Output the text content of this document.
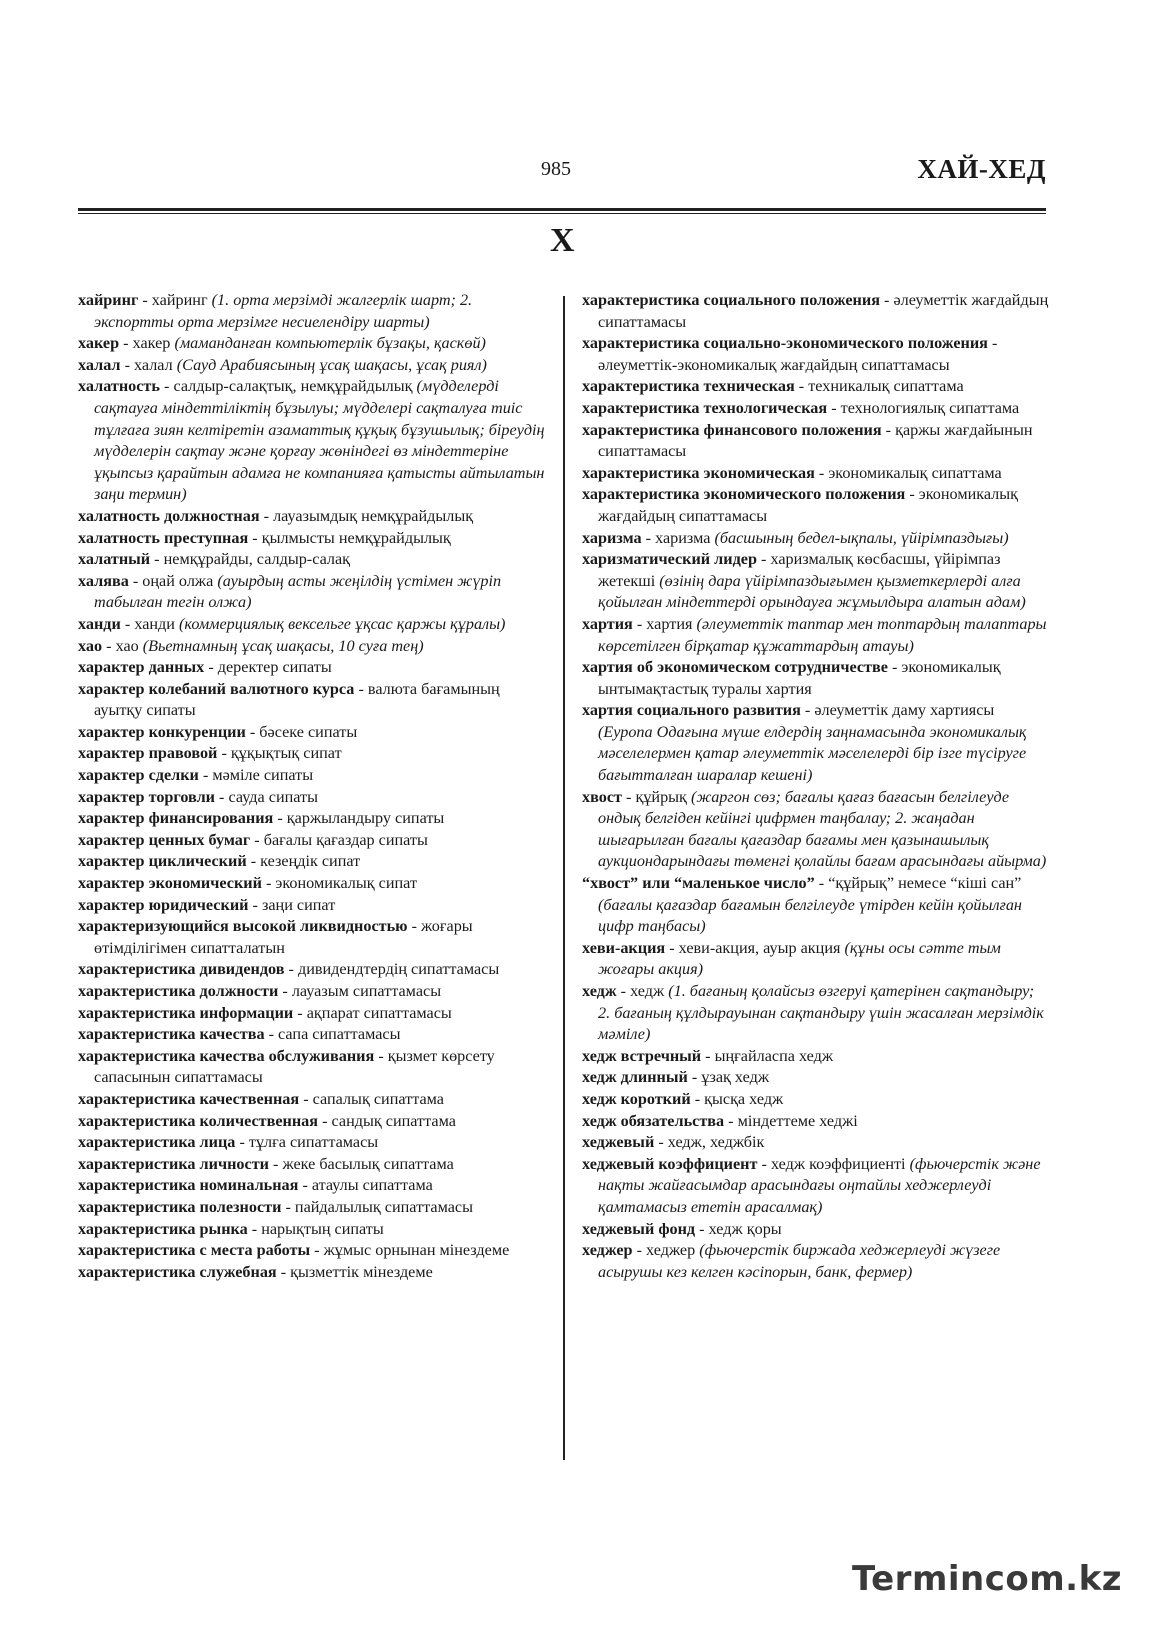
985	ХАЙ-ХЕД
Х
хайринг - хайринг (1. орта мерзімді жалгерлік шарт; 2. экспортты орта мерзімге несиелендіру шарты)
хакер - хакер (маманданған компьютерлік бұзақы, қаскөй)
халал - халал (Сауд Арабиясының ұсақ шақасы, ұсақ риял)
халатность - салдыр-салақтық, немқұрайдылық (мүдделерді сақтауға міндеттіліктің бұзылуы; мүдделері сақталуға тиіс тұлғаға зиян келтіретін азаматтық құқық бұзушылық; біреудің мүдделерін сақтау және қорғау жөніндегі өз міндеттеріне ұқыпсыз қарайтын адамға не компанияға қатысты айтылатын заңи термин)
халатность должностная - лауазымдық немқұрайдылық
халатность преступная - қылмысты немқұрайдылық
халатный - немқұрайды, салдыр-салақ
халява - оңай олжа (ауырдың асты жеңілдің үстімен жүріп табылған тегін олжа)
ханди - ханди (коммерциялық вексельге ұқсас қаржы құралы)
хао - хао (Вьетнамның ұсақ шақасы, 10 суға тең)
характер данных - деректер сипаты
характер колебаний валютного курса - валюта бағамының ауытқу сипаты
характер конкуренции - бәсеке сипаты
характер правовой - құқықтық сипат
характер сделки - мәміле сипаты
характер торговли - сауда сипаты
характер финансирования - қаржыландыру сипаты
характер ценных бумаг - бағалы қағаздар сипаты
характер циклический - кезеңдік сипат
характер экономический - экономикалық сипат
характер юридический - заңи сипат
характеризующийся высокой ликвидностью - жоғары өтімділігімен сипатталатын
характеристика дивидендов - дивидендтердің сипаттамасы
характеристика должности - лауазым сипаттамасы
характеристика информации - ақпарат сипаттамасы
характеристика качества - сапа сипаттамасы
характеристика качества обслуживания - қызмет көрсету сапасынын сипаттамасы
характеристика качественная - сапалық сипаттама
характеристика количественная - сандық сипаттама
характеристика лица - тұлға сипаттамасы
характеристика личности - жеке басылық сипаттама
характеристика номинальная - атаулы сипаттама
характеристика полезности - пайдалылық сипаттамасы
характеристика рынка - нарықтың сипаты
характеристика с места работы - жұмыс орнынан мінездеме
характеристика служебная - қызметтік мінездеме
характеристика социального положения - әлеуметтік жағдайдың сипаттамасы
характеристика социально-экономического положения - әлеуметтік-экономикалық жағдайдың сипаттамасы
характеристика техническая - техникалық сипаттама
характеристика технологическая - технологиялық сипаттама
характеристика финансового положения - қаржы жағдайынын сипаттамасы
характеристика экономическая - экономикалық сипаттама
характеристика экономического положения - экономикалық жағдайдың сипаттамасы
харизма - харизма (басшының бедел-ықпалы, үйірімпаздығы)
харизматический лидер - харизмалық көсбасшы, үйірімпаз жетекші (өзінің дара үйірімпаздығымен қызметкерлерді алға қойылған міндеттерді орындауға жұмылдыра алатын адам)
хартия - хартия (әлеуметтік таптар мен топтардың талаптары көрсетілген бірқатар құжаттардың атауы)
хартия об экономическом сотрудничестве - экономикалық ынтымақтастық туралы хартия
хартия социального развития - әлеуметтік даму хартиясы (Еуропа Одағына мүше елдердің заңнамасында экономикалық мәселелермен қатар әлеуметтік мәселелерді бір ізге түсіруге бағытталған шаралар кешені)
хвост - құйрық (жаргон сөз; бағалы қағаз бағасын белгілеуде ондық белгіден кейінгі цифрмен таңбалау; 2. жаңадан шығарылған бағалы қағаздар бағамы мен қазынашылық аукциондарындағы төменгі қолайлы бағам арасындағы айырма)
“хвост” или “маленькое число” - “құйрық” немесе “кіші сан” (бағалы қағаздар бағамын белгілеуде үтірден кейін қойылған цифр таңбасы)
хеви-акция - хеви-акция, ауыр акция (құны осы сәтте тым жоғары акция)
хедж - хедж (1. бағаның қолайсыз өзгеруі қатерінен сақтандыру; 2. бағаның құлдырауынан сақтандыру үшін жасалған мерзімдік мәміле)
хедж встречный - ыңғайласпа хедж
хедж длинный - ұзақ хедж
хедж короткий - қысқа хедж
хедж обязательства - міндеттеме хеджі
хеджевый - хедж, хеджбік
хеджевый коэффициент - хедж коэффициенті (фьючерстік және нақты жайғасымдар арасындағы оңтайлы хеджерлеуді қамтамасыз ететін арасалмақ)
хеджевый фонд - хедж қоры
хеджер - хеджер (фьючерстік биржада хеджерлеуді жүзеге асырушы кез келген кәсіпорын, банк, фермер)
Termincom.kz
